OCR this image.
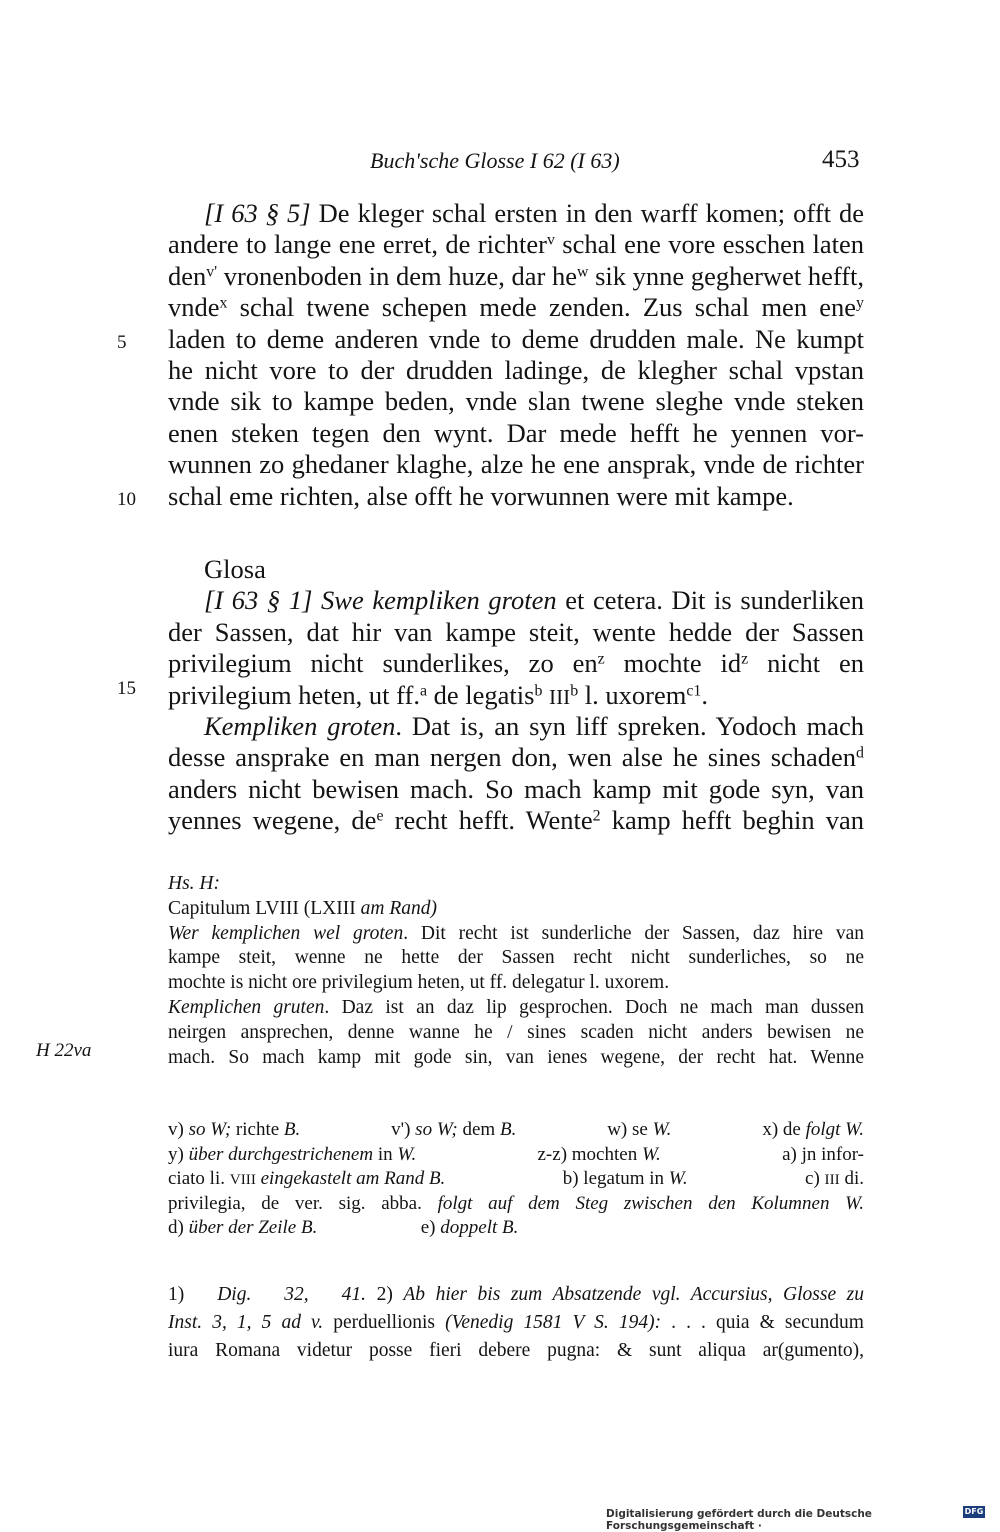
Buch'sche Glosse I 62 (I 63)	453
[I 63 § 5] De kleger schal ersten in den warff komen; offt de
andere to lange ene erret, de richter$^v$ schal ene vore esschen laten
den$^{v'}$ vronenboden in dem huze, dar $he^w$ sik ynne gegherwet hefft,
vnde$^x$ schal twene schepen mede zenden. Zus schal men ene$^y$
laden to deme anderen vnde to deme drudden male. Ne kumpt
he nicht vore to der drudden ladinge, de klegher schal vpstan
vnde sik to kampe beden, vnde slan twene sleghe vnde steken
enen steken tegen den wynt. Dar mede hefft he yennen vor-
wunnen zo ghedaner klaghe, alze he ene ansprak, vnde de richter
schal eme richten, alse offt he vorwunnen were mit kampe.
5
10
15
Glosa
[I 63 § 1] Swe kempliken groten et cetera. Dit is sunderliken
der Sassen, dat hir van kampe steit, wente hedde der Sassen
privilegium nicht sunderlikes, zo $en^z$ mochte $id^z$ nicht en
privilegium heten, ut ff.$^a$ de legatis$^b$ III$^b$ l. uxorem$^{c1}$.
Kempliken groten. Dat is, an syn liff spreken. Yodoch mach
desse ansprake en man nergen don, wen alse he sines schaden$^d$
anders nicht bewisen mach. So mach kamp mit gode syn, van
yennes wegene, $de^e$ recht hefft. Wente$^2$ kamp hefft beghin van
Hs. H:
Capitulum LVIII (LXIII am Rand)
Wer kemplichen wel groten. Dit recht ist sunderliche der Sassen, daz hire van
kampe steit, wenne ne hette der Sassen recht nicht sunderliches, so ne
mochte is nicht ore privilegium heten, ut ff. delegatur l. uxorem.
Kemplichen gruten. Daz ist an daz lip gesprochen. Doch ne mach man dussen
neirgen ansprechen, denne wanne he / sines scaden nicht anders bewisen ne
mach. So mach kamp mit gode sin, van ienes wegene, der recht hat. Wenne
H 22va
v) so W; richte B.	v') so W; dem B.	w) se W.	x) de folgt W.
y) über durchgestrichenem in W.	z-z) mochten W.	a) jn infor-
ciato li. VIII eingekastelt am Rand B.	b) legatum in W.	c) III di.
privilegia, de ver. sig. abba. folgt auf dem Steg zwischen den Kolumnen W.
d) über der Zeile B.	e) doppelt B.
1) Dig. 32, 41. 2) Ab hier bis zum Absatzende vgl. Accursius, Glosse zu
Inst. 3, 1, 5 ad v. perduellionis (Venedig 1581 V S. 194): . . . quia & secundum
iura Romana videtur posse fieri debere pugna: & sunt aliqua ar(gumento),
Digitalisierung gefördert durch die Deutsche Forschungsgemeinschaft ·
DFG
